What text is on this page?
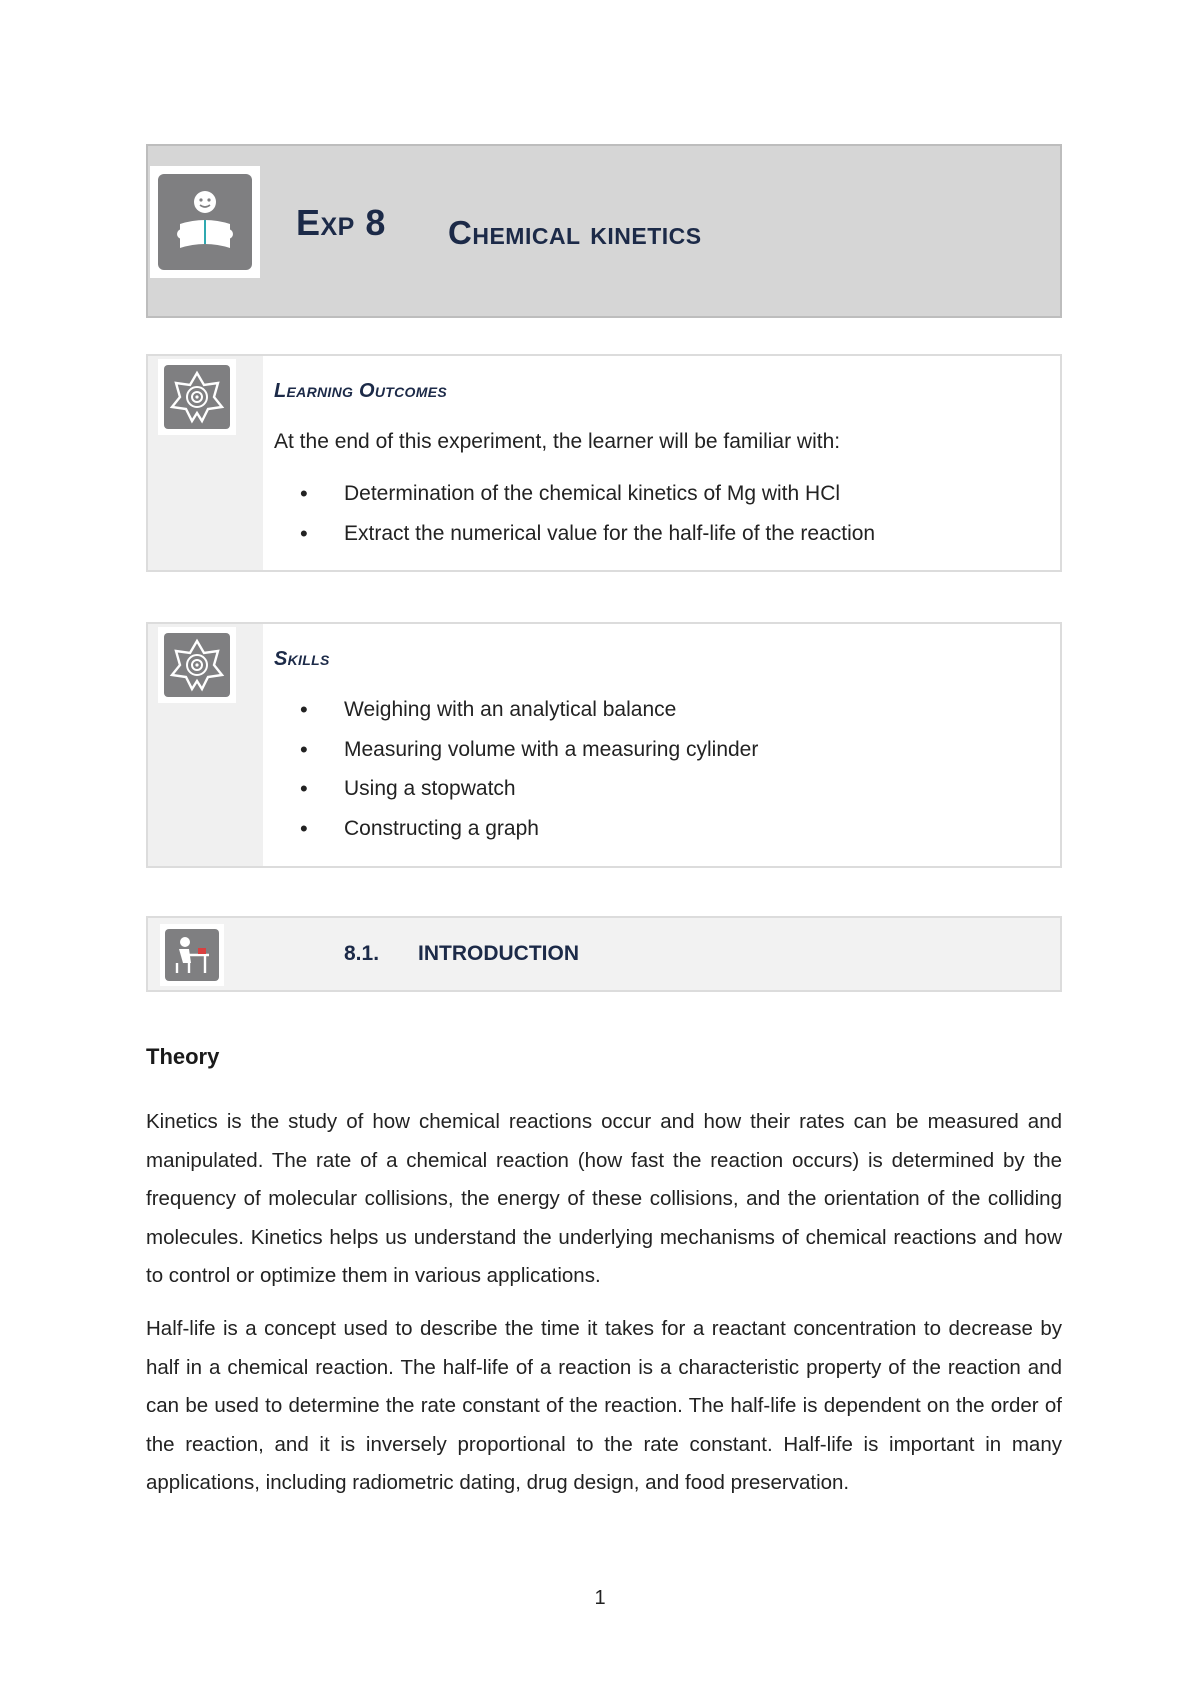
Exp 8 Chemical kinetics
Learning Outcomes
At the end of this experiment, the learner will be familiar with:
• Determination of the chemical kinetics of Mg with HCl
• Extract the numerical value for the half-life of the reaction
Skills
• Weighing with an analytical balance
• Measuring volume with a measuring cylinder
• Using a stopwatch
• Constructing a graph
8.1. INTRODUCTION
Theory

Kinetics is the study of how chemical reactions occur and how their rates can be measured and manipulated. The rate of a chemical reaction (how fast the reaction occurs) is determined by the frequency of molecular collisions, the energy of these collisions, and the orientation of the colliding molecules. Kinetics helps us understand the underlying mechanisms of chemical reactions and how to control or optimize them in various applications.

Half-life is a concept used to describe the time it takes for a reactant concentration to decrease by half in a chemical reaction. The half-life of a reaction is a characteristic property of the reaction and can be used to determine the rate constant of the reaction. The half-life is dependent on the order of the reaction, and it is inversely proportional to the rate constant. Half-life is important in many applications, including radiometric dating, drug design, and food preservation.

1
